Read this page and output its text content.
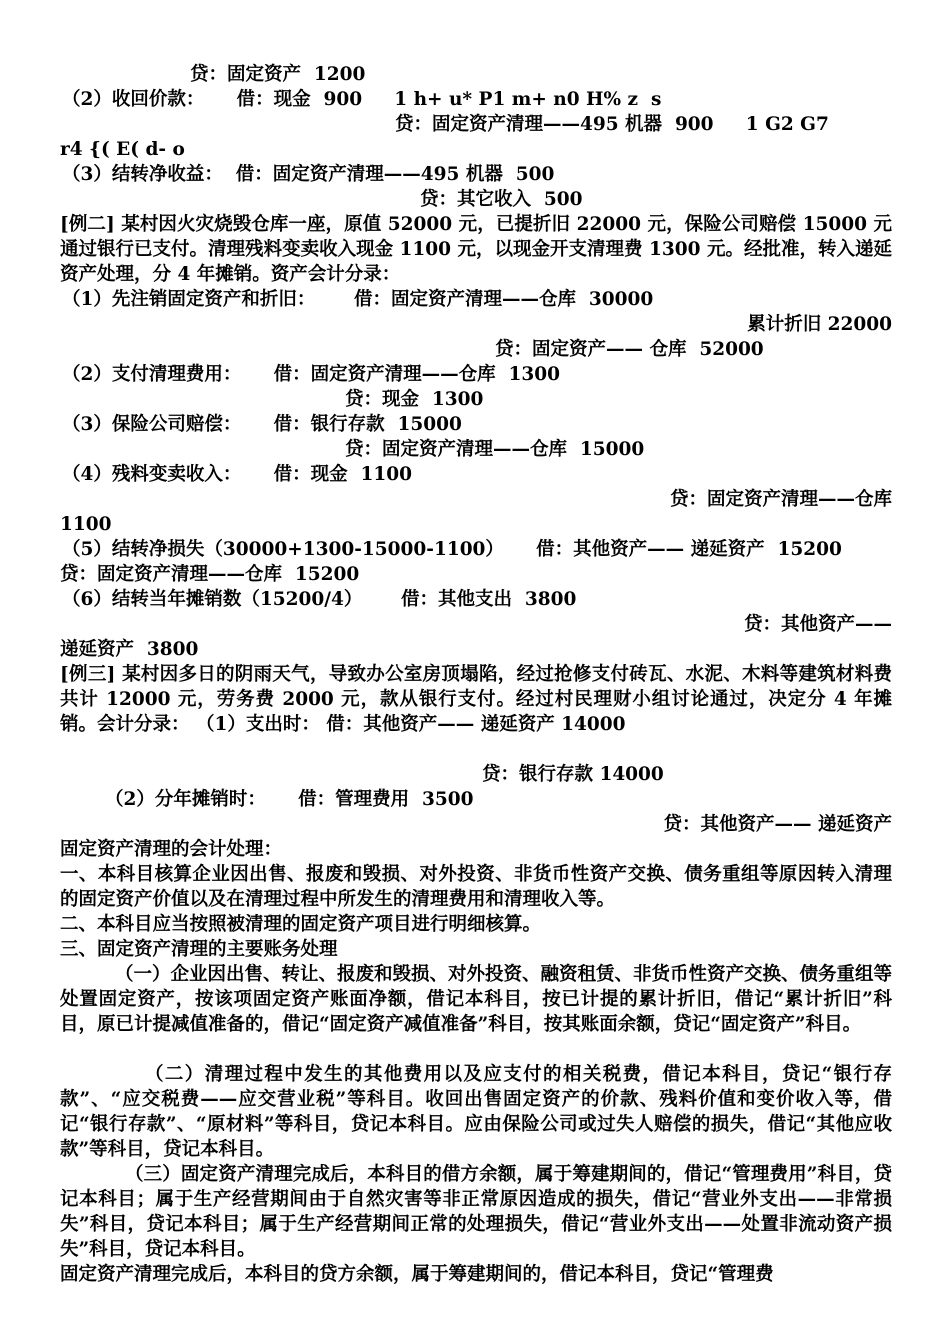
贷：固定资产  1200
（2）收回价款：     借：现金  900     1 h+ u* P1 m+ n0 H% z  s
贷：固定资产清理——495 机器  900     1 G2 G7
r4 {( E( d- o
（3）结转净收益：  借：固定资产清理——495 机器  500
贷：其它收入  500
[例二] 某村因火灾烧毁仓库一座，原值 52000 元，已提折旧 22000 元，保险公司赔偿 15000 元通过银行已支付。清理残料变卖收入现金 1100 元，以现金开支清理费 1300 元。经批准，转入递延资产处理，分 4 年摊销。资产会计分录：
（1）先注销固定资产和折旧：      借：固定资产清理——仓库  30000
累计折旧 22000
贷：固定资产—— 仓库  52000
（2）支付清理费用：     借：固定资产清理——仓库  1300
贷：现金  1300
（3）保险公司赔偿：     借：银行存款  15000
贷：固定资产清理——仓库  15000
（4）残料变卖收入：     借：现金  1100
贷：固定资产清理——仓库
1100
（5）结转净损失（30000+1300-15000-1100）     借：其他资产—— 递延资产  15200
贷：固定资产清理——仓库  15200
（6）结转当年摊销数（15200/4）      借：其他支出  3800
贷：其他资产——
递延资产  3800
[例三] 某村因多日的阴雨天气，导致办公室房顶塌陷，经过抢修支付砖瓦、水泥、木料等建筑材料费共计 12000 元，劳务费 2000 元，款从银行支付。经过村民理财小组讨论通过，决定分 4 年摊销。会计分录： （1）支出时： 借：其他资产—— 递延资产 14000
贷：银行存款 14000
（2）分年摊销时：     借：管理费用  3500
贷：其他资产—— 递延资产
固定资产清理的会计处理：
一、本科目核算企业因出售、报废和毁损、对外投资、非货币性资产交换、债务重组等原因转入清理的固定资产价值以及在清理过程中所发生的清理费用和清理收入等。
二、本科目应当按照被清理的固定资产项目进行明细核算。
三、固定资产清理的主要账务处理
（一）企业因出售、转让、报废和毁损、对外投资、融资租赁、非货币性资产交换、债务重组等处置固定资产，按该项固定资产账面净额，借记本科目，按已计提的累计折旧，借记“累计折旧”科目，原已计提减值准备的，借记“固定资产减值准备”科目，按其账面余额，贷记“固定资产”科目。
（二）清理过程中发生的其他费用以及应支付的相关税费，借记本科目，贷记“银行存款”、“应交税费——应交营业税”等科目。收回出售固定资产的价款、残料价值和变价收入等，借记“银行存款”、“原材料”等科目，贷记本科目。应由保险公司或过失人赔偿的损失，借记“其他应收款”等科目，贷记本科目。
（三）固定资产清理完成后，本科目的借方余额，属于筹建期间的，借记“管理费用”科目，贷记本科目；属于生产经营期间由于自然灾害等非正常原因造成的损失，借记“营业外支出——非常损失”科目，贷记本科目；属于生产经营期间正常的处理损失，借记“营业外支出——处置非流动资产损失”科目，贷记本科目。
固定资产清理完成后，本科目的贷方余额，属于筹建期间的，借记本科目，贷记“管理费
